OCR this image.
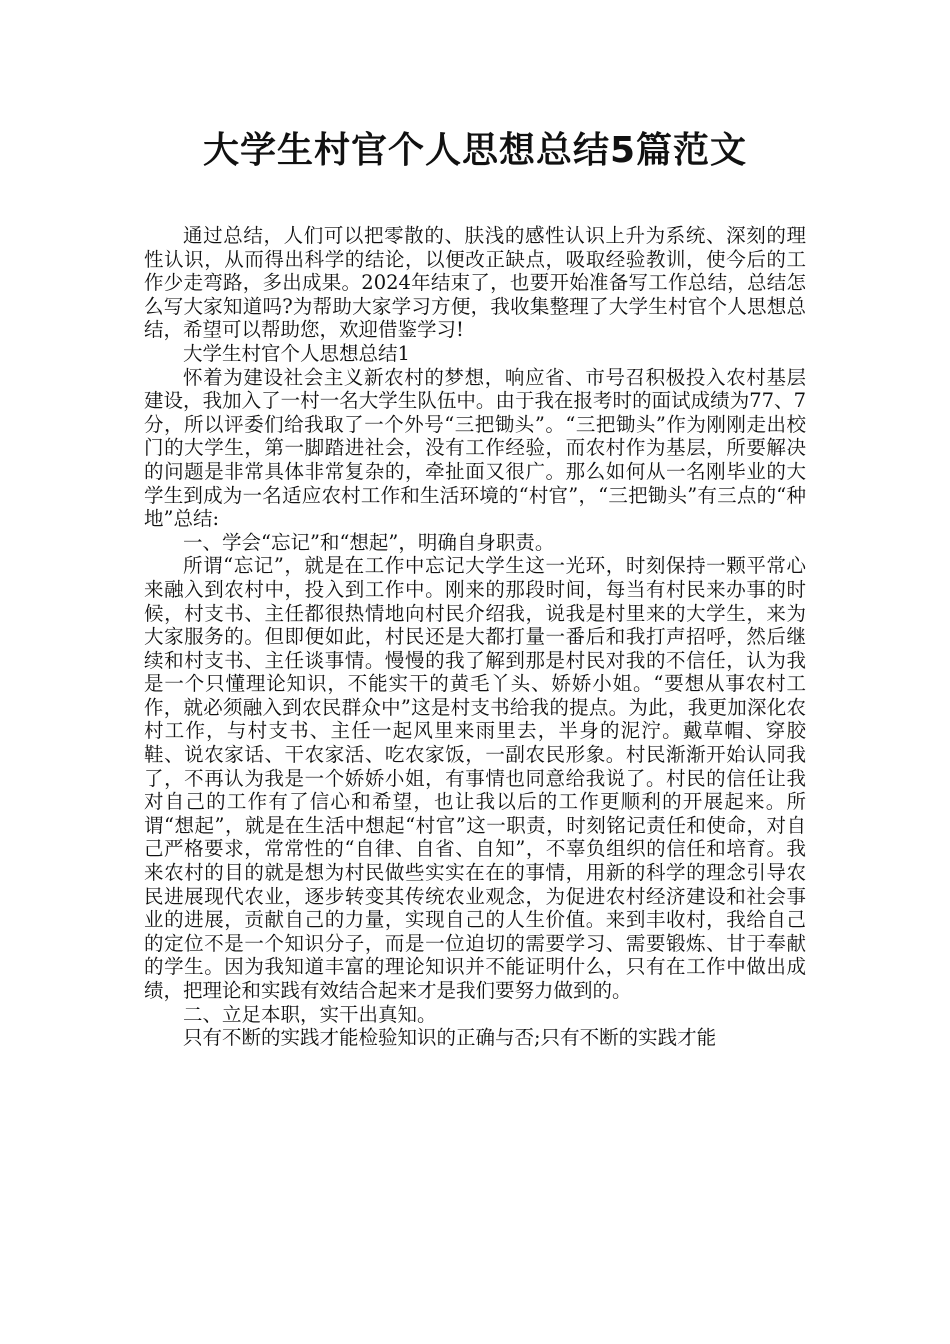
大学生村官个人思想总结5篇范文

通过总结，人们可以把零散的、肤浅的感性认识上升为系统、深刻的理性认识，从而得出科学的结论，以便改正缺点，吸取经验教训，使今后的工作少走弯路，多出成果。2024年结束了，也要开始准备写工作总结，总结怎么写大家知道吗?为帮助大家学习方便，我收集整理了大学生村官个人思想总结，希望可以帮助您，欢迎借鉴学习!

大学生村官个人思想总结1

怀着为建设社会主义新农村的梦想，响应省、市号召积极投入农村基层建设，我加入了一村一名大学生队伍中。由于我在报考时的面试成绩为77、7分，所以评委们给我取了一个外号“三把锄头”。“三把锄头”作为刚刚走出校门的大学生，第一脚踏进社会，没有工作经验，而农村作为基层，所要解决的问题是非常具体非常复杂的，牵扯面又很广。那么如何从一名刚毕业的大学生到成为一名适应农村工作和生活环境的“村官”，“三把锄头”有三点的“种地”总结:

一、学会“忘记”和“想起”，明确自身职责。

所谓“忘记”，就是在工作中忘记大学生这一光环，时刻保持一颗平常心来融入到农村中，投入到工作中。刚来的那段时间，每当有村民来办事的时候，村支书、主任都很热情地向村民介绍我，说我是村里来的大学生，来为大家服务的。但即便如此，村民还是大都打量一番后和我打声招呼，然后继续和村支书、主任谈事情。慢慢的我了解到那是村民对我的不信任，认为我是一个只懂理论知识，不能实干的黄毛丫头、娇娇小姐。“要想从事农村工作，就必须融入到农民群众中”这是村支书给我的提点。为此，我更加深化农村工作，与村支书、主任一起风里来雨里去，半身的泥泞。戴草帽、穿胶鞋、说农家话、干农家活、吃农家饭，一副农民形象。村民渐渐开始认同我了，不再认为我是一个娇娇小姐，有事情也同意给我说了。村民的信任让我对自己的工作有了信心和希望，也让我以后的工作更顺利的开展起来。所谓“想起”，就是在生活中想起“村官”这一职责，时刻铭记责任和使命，对自己严格要求，常常性的“自律、自省、自知”，不辜负组织的信任和培育。我来农村的目的就是想为村民做些实实在在的事情，用新的科学的理念引导农民进展现代农业，逐步转变其传统农业观念，为促进农村经济建设和社会事业的进展，贡献自己的力量，实现自己的人生价值。来到丰收村，我给自己的定位不是一个知识分子，而是一位迫切的需要学习、需要锻炼、甘于奉献的学生。因为我知道丰富的理论知识并不能证明什么，只有在工作中做出成绩，把理论和实践有效结合起来才是我们要努力做到的。

二、立足本职，实干出真知。

只有不断的实践才能检验知识的正确与否;只有不断的实践才能
